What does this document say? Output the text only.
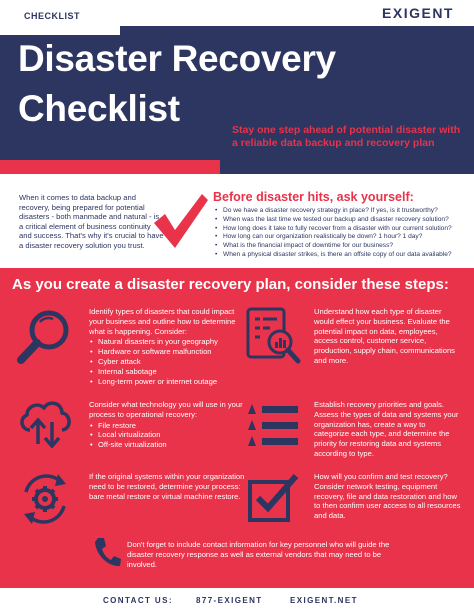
CHECKLIST	EXIGENT
Disaster Recovery
Checklist
Stay one step ahead of potential disaster with a reliable data backup and recovery plan
When it comes to data backup and recovery, being prepared for potential disasters - both manmade and natural - is a critical element of business continuity and success. That's why it's crucial to have a disaster recovery solution you trust.
Before disaster hits, ask yourself:
• Do we have a disaster recovery strategy in place? If yes, is it trustworthy?
• When was the last time we tested our backup and disaster recovery solution?
• How long does it take to fully recover from a disaster with our current solution?
• How long can our organization realistically be down? 1 hour? 1 day?
• What is the financial impact of downtime for our business?
• When a physical disaster strikes, is there an offsite copy of our data available?
As you create a disaster recovery plan, consider these steps:
Identify types of disasters that could impact your business and outline how to determine what is happening. Consider:
• Natural disasters in your geography
• Hardware or software malfunction
• Cyber attack
• Internal sabotage
• Long-term power or internet outage
Understand how each type of disaster would effect your business. Evaluate the potential impact on data, employees, access control, customer service, production, supply chain, communications and more.
Consider what technology you will use in your process to operational recovery:
• File restore
• Local virtualization
• Off-site virtualization
Establish recovery priorities and goals. Assess the types of data and systems your organization has, create a way to categorize each type, and determine the priority for restoring data and systems according to type.
If the original systems within your organization need to be restored, determine your process: bare metal restore or virtual machine restore.
How will you confirm and test recovery? Consider network testing, equipment recovery, file and data restoration and how to then confirm user access to all resources and data.
Don't forget to include contact information for key personnel who will guide the disaster recovery response as well as external vendors that may need to be involved.
CONTACT US:	877-EXIGENT	EXIGENT.NET
